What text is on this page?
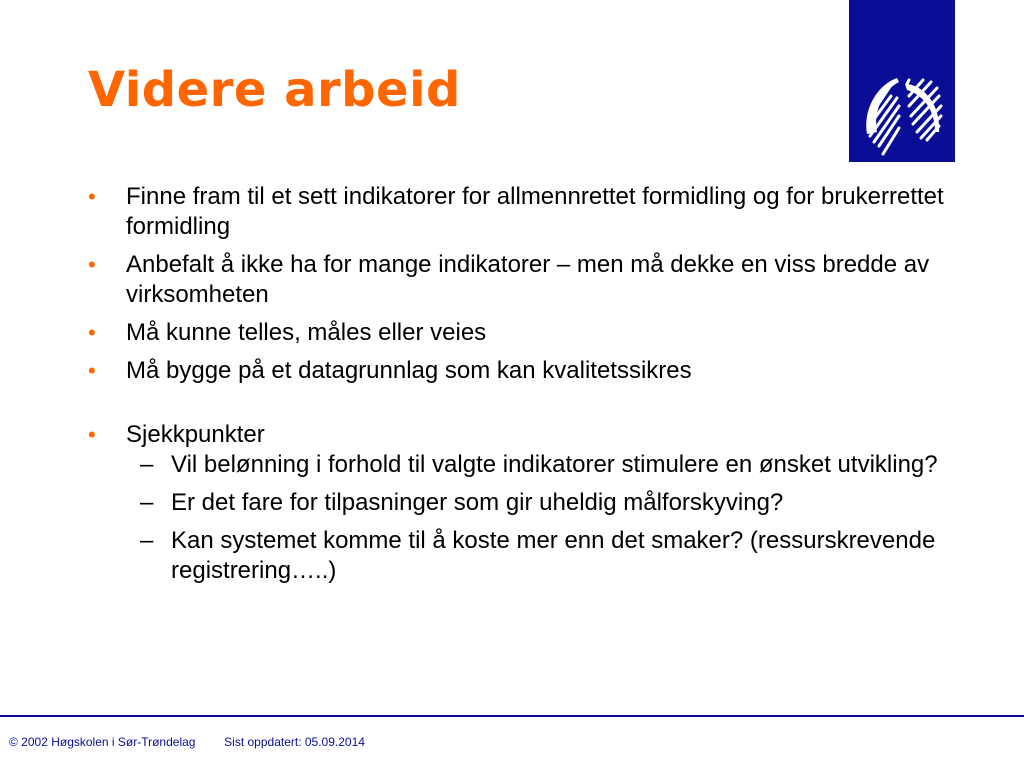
Videre arbeid
• Finne fram til et sett indikatorer for allmennrettet formidling og for brukerrettet formidling
• Anbefalt å ikke ha for mange indikatorer – men må dekke en viss bredde av virksomheten
• Må kunne telles, måles eller veies
• Må bygge på et datagrunnlag som kan kvalitetssikres
• Sjekkpunkter
– Vil belønning i forhold til valgte indikatorer stimulere en ønsket utvikling?
– Er det fare for tilpasninger som gir uheldig målforskyving?
– Kan systemet komme til å koste mer enn det smaker? (ressurskrevende registrering…..)
© 2002 Høgskolen i Sør-Trøndelag Sist oppdatert: 05.09.2014
